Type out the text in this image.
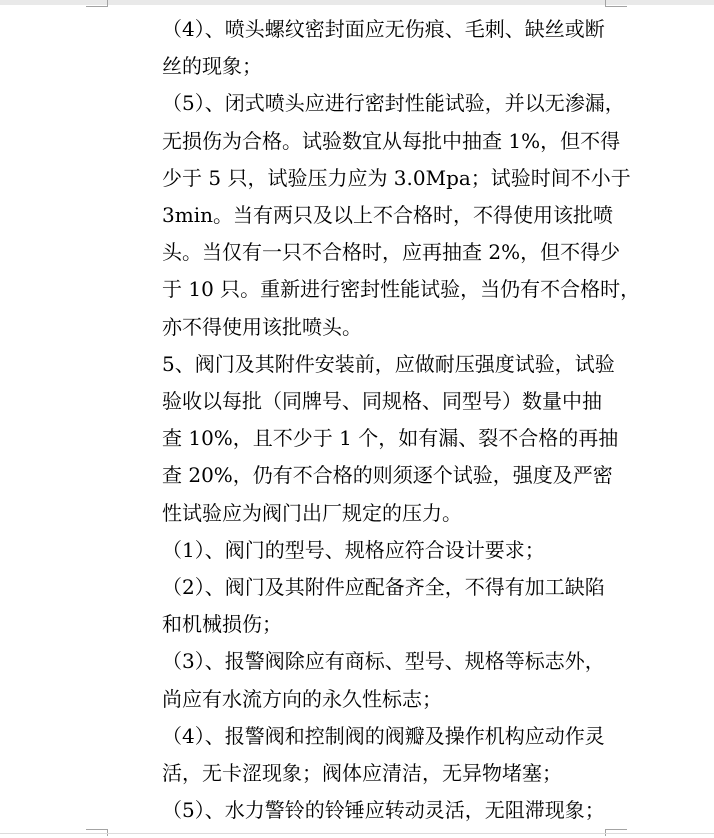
（4）、喷头螺纹密封面应无伤痕、毛刺、缺丝或断
丝的现象；
（5）、闭式喷头应进行密封性能试验，并以无渗漏，
无损伤为合格。试验数宜从每批中抽查 1%，但不得
少于 5 只，试验压力应为 3.0Mpa；试验时间不小于
3min。当有两只及以上不合格时，不得使用该批喷
头。当仅有一只不合格时，应再抽查 2%，但不得少
于 10 只。重新进行密封性能试验，当仍有不合格时，
亦不得使用该批喷头。
5、阀门及其附件安装前，应做耐压强度试验，试验
验收以每批（同牌号、同规格、同型号）数量中抽
查 10%，且不少于 1 个，如有漏、裂不合格的再抽
查 20%，仍有不合格的则须逐个试验，强度及严密
性试验应为阀门出厂规定的压力。
（1）、阀门的型号、规格应符合设计要求；
（2）、阀门及其附件应配备齐全，不得有加工缺陷
和机械损伤；
（3）、报警阀除应有商标、型号、规格等标志外，
尚应有水流方向的永久性标志；
（4）、报警阀和控制阀的阀瓣及操作机构应动作灵
活，无卡涩现象；阀体应清洁，无异物堵塞；
（5）、水力警铃的铃锤应转动灵活，无阻滞现象；
